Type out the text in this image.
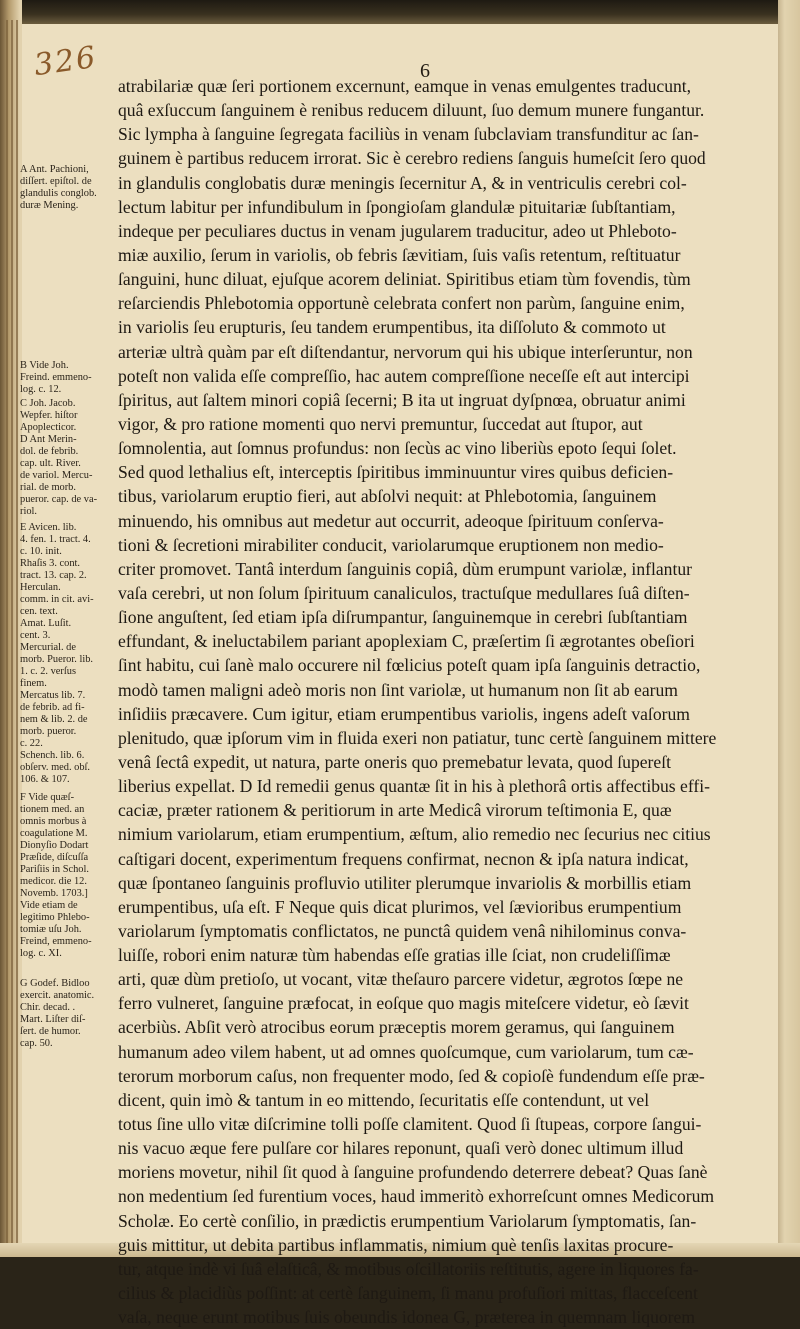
326	6
atrabilariæ quæ ſeri portionem excernunt, eamque in venas emulgentes traducunt,
quâ exſuccum ſanguinem è renibus reducem diluunt, ſuo demum munere fungantur.
Sic lympha à ſanguine ſegregata faciliùs in venam ſubclaviam transfunditur ac ſan-
guinem è partibus reducem irrorat. Sic è cerebro rediens ſanguis humeſcit ſero quod
in glandulis conglobatis duræ meningis ſecernitur A, & in ventriculis cerebri col-
lectum labitur per infundibulum in ſpongioſam glandulæ pituitariæ ſubſtantiam,
indeque per peculiares ductus in venam jugularem traducitur, adeo ut Phleboto-
miæ auxilio, ſerum in variolis, ob febris ſævitiam, ſuis vaſis retentum, reſtituatur
ſanguini, hunc diluat, ejuſque acorem deliniat. Spiritibus etiam tùm fovendis, tùm
reſarciendis Phlebotomia opportunè celebrata confert non parùm, ſanguine enim,
in variolis ſeu erupturis, ſeu tandem erumpentibus, ita diſſoluto & commoto ut
arteriæ ultrà quàm par eſt diſtendantur, nervorum qui his ubique interſeruntur, non
poteſt non valida eſſe compreſſio, hac autem compreſſione neceſſe eſt aut intercipi
ſpiritus, aut ſaltem minori copiâ ſecerni; B ita ut ingruat dyſpnœa, obruatur animi
vigor, & pro ratione momenti quo nervi premuntur, ſuccedat aut ſtupor, aut
ſomnolentia, aut ſomnus profundus: non ſecùs ac vino liberiùs epoto ſequi ſolet.
Sed quod lethalius eſt, interceptis ſpiritibus imminuuntur vires quibus deficien-
tibus, variolarum eruptio fieri, aut abſolvi nequit: at Phlebotomia, ſanguinem
minuendo, his omnibus aut medetur aut occurrit, adeoque ſpirituum conſerva-
tioni & ſecretioni mirabiliter conducit, variolarumque eruptionem non medio-
criter promovet. Tantâ interdum ſanguinis copiâ, dùm erumpunt variolæ, inflantur
vaſa cerebri, ut non ſolum ſpirituum canaliculos, tractuſque medullares ſuâ diſten-
ſione anguſtent, ſed etiam ipſa diſrumpantur, ſanguinemque in cerebri ſubſtantiam
effundant, & ineluctabilem pariant apoplexiam C, præſertim ſi ægrotantes obeſiori
ſint habitu, cui ſanè malo occurere nil fœlicius poteſt quam ipſa ſanguinis detractio,
modò tamen maligni adeò moris non ſint variolæ, ut humanum non ſit ab earum
inſidiis præcavere. Cum igitur, etiam erumpentibus variolis, ingens adeſt vaſorum
plenitudo, quæ ipſorum vim in fluida exeri non patiatur, tunc certè ſanguinem mittere
venâ ſectâ expedit, ut natura, parte oneris quo premebatur levata, quod ſupereſt
liberius expellat. D Id remedii genus quantæ ſit in his à plethorâ ortis affectibus effi-
caciæ, præter rationem & peritiorum in arte Medicâ virorum teſtimonia E, quæ
nimium variolarum, etiam erumpentium, æſtum, alio remedio nec ſecurius nec citius
caſtigari docent, experimentum frequens confirmat, necnon & ipſa natura indicat,
quæ ſpontaneo ſanguinis profluvio utiliter plerumque invariolis & morbillis etiam
erumpentibus, uſa eſt. F Neque quis dicat plurimos, vel ſævioribus erumpentium
variolarum ſymptomatis conflictatos, ne punctâ quidem venâ nihilominus conva-
luiſſe, robori enim naturæ tùm habendas eſſe gratias ille ſciat, non crudeliſſimæ
arti, quæ dùm pretioſo, ut vocant, vitæ theſauro parcere videtur, ægrotos ſœpe ne
ferro vulneret, ſanguine præfocat, in eoſque quo magis miteſcere videtur, eò ſævit
acerbiùs. Abſit verò atrocibus eorum præceptis morem geramus, qui ſanguinem
humanum adeo vilem habent, ut ad omnes quoſcumque, cum variolarum, tum cæ-
terorum morborum caſus, non frequenter modo, ſed & copioſè fundendum eſſe præ-
dicent, quin imò & tantum in eo mittendo, ſecuritatis eſſe contendunt, ut vel
totus ſine ullo vitæ diſcrimine tolli poſſe clamitent. Quod ſi ſtupeas, corpore ſangui-
nis vacuo æque fere pulſare cor hilares reponunt, quaſi verò donec ultimum illud
moriens movetur, nihil ſit quod à ſanguine profundendo deterrere debeat? Quas ſanè
non medentium ſed furentium voces, haud immeritò exhorreſcunt omnes Medicorum
Scholæ. Eo certè conſilio, in prædictis erumpentium Variolarum ſymptomatis, ſan-
guis mittitur, ut debita partibus inflammatis, nimium què tenſis laxitas procure-
tur, atque indè vi ſuâ elaſticâ, & motibus oſcillatoriis reſtitutis, agere in liquores fa-
cilius & placidiùs poſſint: at certè ſanguinem, ſi manu profuſiori mittas, flacceſcent
vaſa, neque erunt motibus ſuis obeundis idonea G, præterea in quemnam liquorem
A Ant. Pachioni,
diſſert. epiſtol. de
glandulis conglob.
duræ Mening.
B Vide Joh.
Freind. emmeno-
log. c. 12.
C Joh. Jacob.
Wepfer. hiſtor
Apoplecticor.
D Ant Merin-
dol. de febrib.
cap. ult. River.
de variol. Mercu-
rial. de morb.
pueror. cap. de va-
riol.
E Avicen. lib.
4. fen. 1. tract. 4.
c. 10. init.
Rhaſis 3. cont.
tract. 13. cap. 2.
Herculan.
comm. in cit. avi-
cen. text.
Amat. Luſit.
cent. 3.
Mercurial. de
morb. Pueror. lib.
1. c. 2. verſus
finem.
Mercatus lib. 7.
de febrib. ad fi-
nem & lib. 2. de
morb. pueror.
c. 22.
Schench. lib. 6.
obſerv. med. obſ.
106. & 107.
F Vide quæſ-
tionem med. an
omnis morbus à
coagulatione M.
Dionyſio Dodart
Præſide, diſcuſſa
Pariſiis in Schol.
medicor. die 12.
Novemb. 1703.]
Vide etiam de
legitimo Phlebo-
tomiæ uſu Joh.
Freind, emmeno-
log. c. XI.
G Godef. Bidloo
exercit. anatomic.
Chir. decad. .
Mart. Liſter diſ-
ſert. de humor.
cap. 50.
